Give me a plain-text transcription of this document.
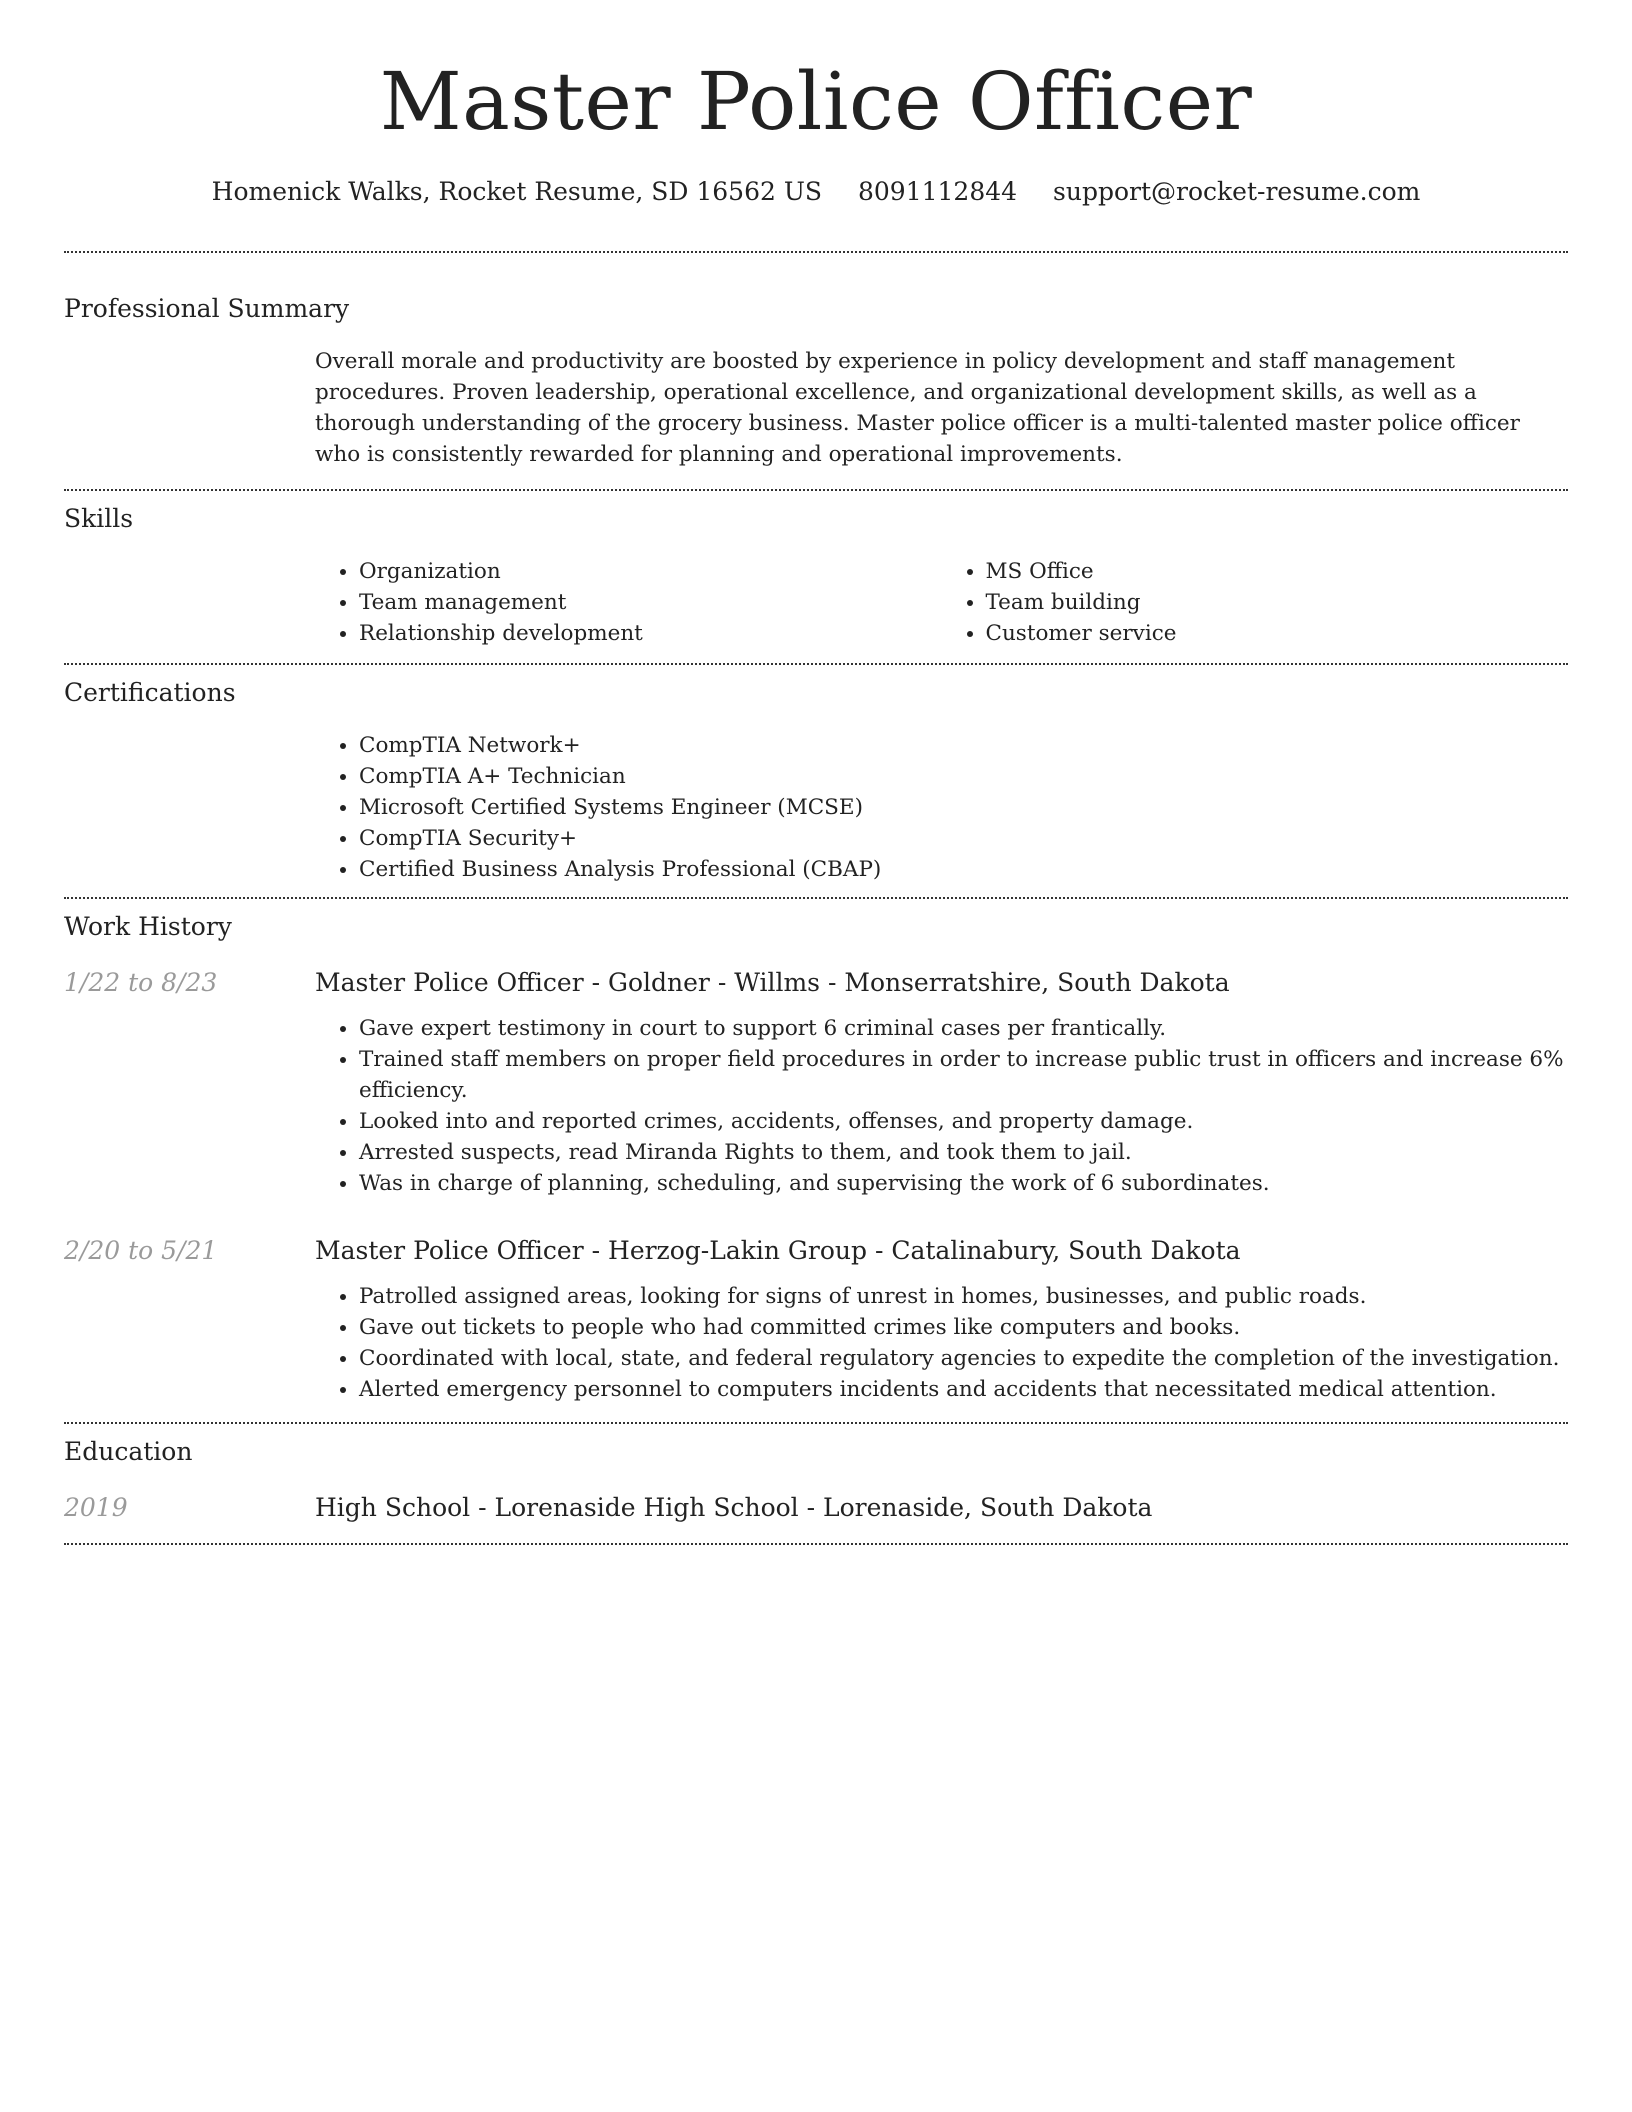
Master Police Officer
Homenick Walks, Rocket Resume, SD 16562 US 8091112844 support@rocket-resume.com
Professional Summary
Overall morale and productivity are boosted by experience in policy development and staff management procedures. Proven leadership, operational excellence, and organizational development skills, as well as a thorough understanding of the grocery business. Master police officer is a multi-talented master police officer who is consistently rewarded for planning and operational improvements.
Skills
• Organization
• Team management
• Relationship development
• MS Office
• Team building
• Customer service
Certifications
• CompTIA Network+
• CompTIA A+ Technician
• Microsoft Certified Systems Engineer (MCSE)
• CompTIA Security+
• Certified Business Analysis Professional (CBAP)
Work History
1/22 to 8/23	Master Police Officer - Goldner - Willms - Monserratshire, South Dakota
• Gave expert testimony in court to support 6 criminal cases per frantically.
• Trained staff members on proper field procedures in order to increase public trust in officers and increase 6% efficiency.
• Looked into and reported crimes, accidents, offenses, and property damage.
• Arrested suspects, read Miranda Rights to them, and took them to jail.
• Was in charge of planning, scheduling, and supervising the work of 6 subordinates.
2/20 to 5/21	Master Police Officer - Herzog-Lakin Group - Catalinabury, South Dakota
• Patrolled assigned areas, looking for signs of unrest in homes, businesses, and public roads.
• Gave out tickets to people who had committed crimes like computers and books.
• Coordinated with local, state, and federal regulatory agencies to expedite the completion of the investigation.
• Alerted emergency personnel to computers incidents and accidents that necessitated medical attention.
Education
2019	High School - Lorenaside High School - Lorenaside, South Dakota
